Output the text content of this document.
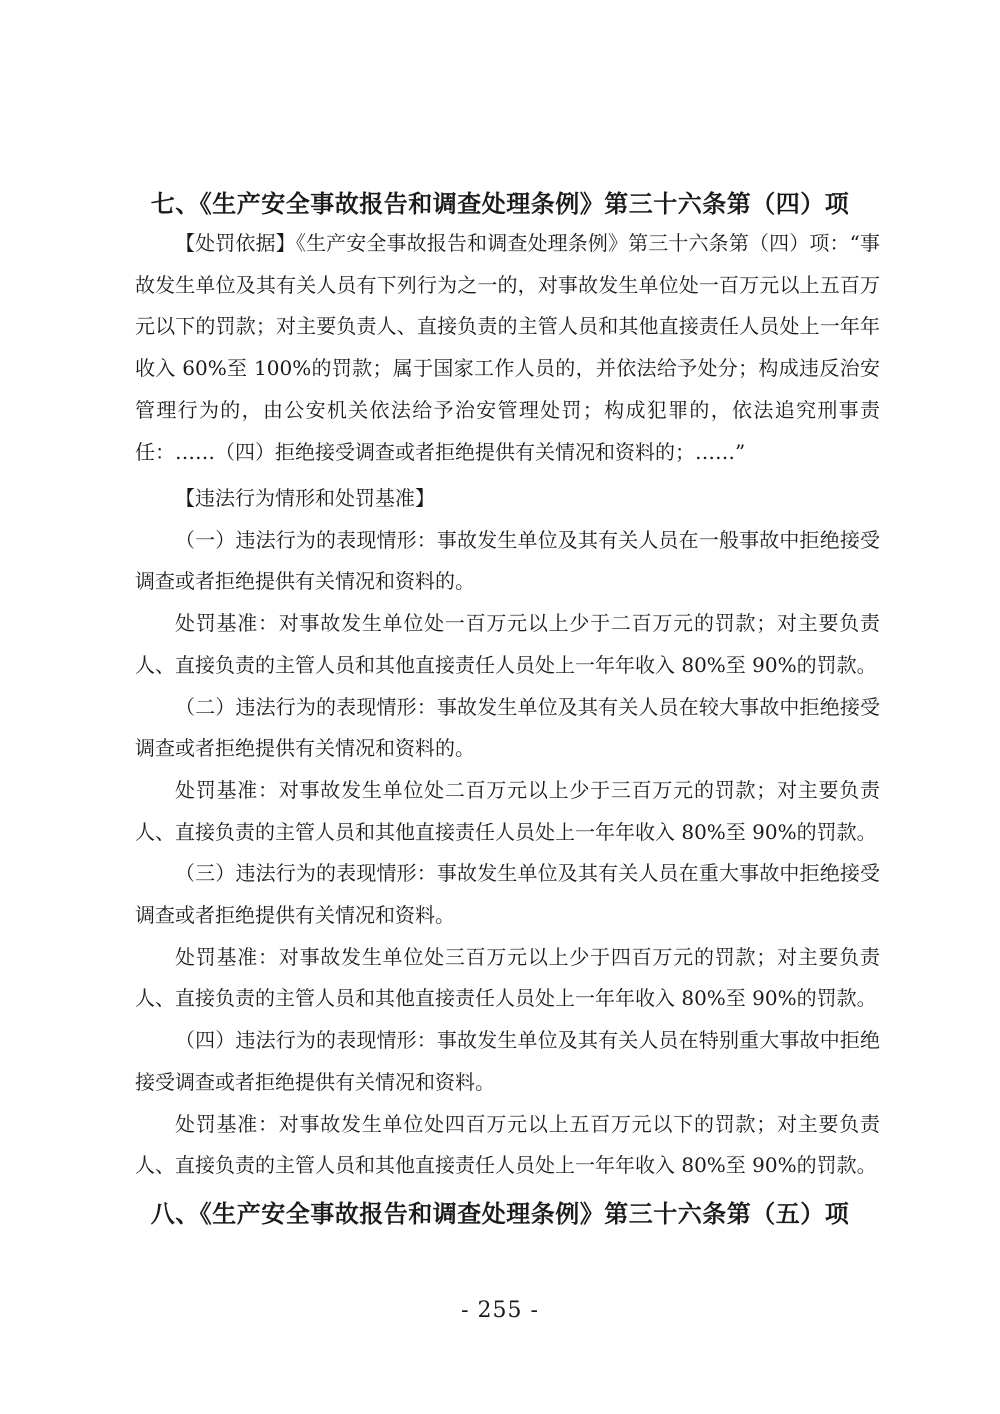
七、《生产安全事故报告和调查处理条例》第三十六条第（四）项

【处罚依据】《生产安全事故报告和调查处理条例》第三十六条第（四）项：“事故发生单位及其有关人员有下列行为之一的，对事故发生单位处一百万元以上五百万元以下的罚款；对主要负责人、直接负责的主管人员和其他直接责任人员处上一年年收入 60%至 100%的罚款；属于国家工作人员的，并依法给予处分；构成违反治安管理行为的，由公安机关依法给予治安管理处罚；构成犯罪的，依法追究刑事责任：……（四）拒绝接受调查或者拒绝提供有关情况和资料的；……”

【违法行为情形和处罚基准】

（一）违法行为的表现情形：事故发生单位及其有关人员在一般事故中拒绝接受调查或者拒绝提供有关情况和资料的。

处罚基准：对事故发生单位处一百万元以上少于二百万元的罚款；对主要负责人、直接负责的主管人员和其他直接责任人员处上一年年收入 80%至 90%的罚款。

（二）违法行为的表现情形：事故发生单位及其有关人员在较大事故中拒绝接受调查或者拒绝提供有关情况和资料的。

处罚基准：对事故发生单位处二百万元以上少于三百万元的罚款；对主要负责人、直接负责的主管人员和其他直接责任人员处上一年年收入 80%至 90%的罚款。

（三）违法行为的表现情形：事故发生单位及其有关人员在重大事故中拒绝接受调查或者拒绝提供有关情况和资料。

处罚基准：对事故发生单位处三百万元以上少于四百万元的罚款；对主要负责人、直接负责的主管人员和其他直接责任人员处上一年年收入 80%至 90%的罚款。

（四）违法行为的表现情形：事故发生单位及其有关人员在特别重大事故中拒绝接受调查或者拒绝提供有关情况和资料。

处罚基准：对事故发生单位处四百万元以上五百万元以下的罚款；对主要负责人、直接负责的主管人员和其他直接责任人员处上一年年收入 80%至 90%的罚款。

八、《生产安全事故报告和调查处理条例》第三十六条第（五）项
- 255 -
